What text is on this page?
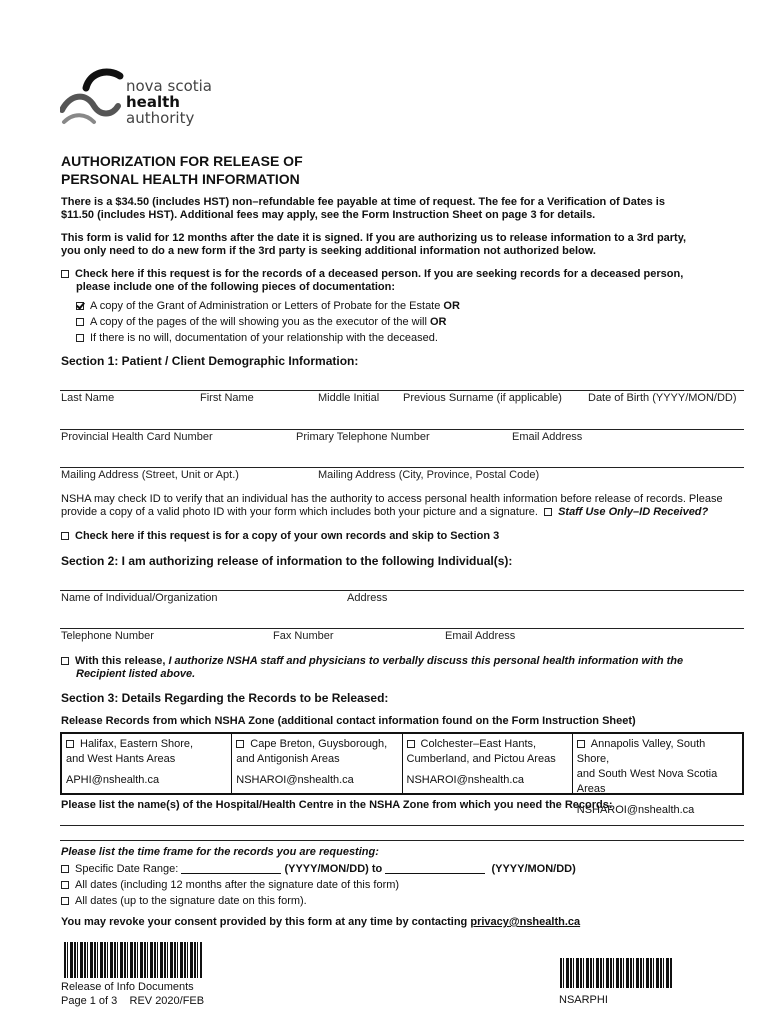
nova scotia
health authority
AUTHORIZATION FOR RELEASE OF
PERSONAL HEALTH INFORMATION
There is a $34.50 (includes HST) non–refundable fee payable at time of request. The fee for a Verification of Dates is
$11.50 (includes HST). Additional fees may apply, see the Form Instruction Sheet on page 3 for details.
This form is valid for 12 months after the date it is signed. If you are authorizing us to release information to a 3rd party,
you only need to do a new form if the 3rd party is seeking additional information not authorized below.
Check here if this request is for the records of a deceased person. If you are seeking records for a deceased person,
please include one of the following pieces of documentation:
A copy of the Grant of Administration or Letters of Probate for the Estate OR
A copy of the pages of the will showing you as the executor of the will OR
If there is no will, documentation of your relationship with the deceased.
Section 1: Patient / Client Demographic Information:
Last Name	First Name	Middle Initial Previous Surname (if applicable) Date of Birth (YYYY/MON/DD)
Provincial Health Card Number	Primary Telephone Number	Email Address
Mailing Address (Street, Unit or Apt.)	Mailing Address (City, Province, Postal Code)
NSHA may check ID to verify that an individual has the authority to access personal health information before release of records. Please
provide a copy of a valid photo ID with your form which includes both your picture and a signature. Staff Use Only–ID Received?
Check here if this request is for a copy of your own records and skip to Section 3
Section 2: I am authorizing release of information to the following Individual(s):
Name of Individual/Organization	Address
Telephone Number	Fax Number	Email Address
With this release, I authorize NSHA staff and physicians to verbally discuss this personal health information with the
Recipient listed above.
Section 3: Details Regarding the Records to be Released:
Release Records from which NSHA Zone (additional contact information found on the Form Instruction Sheet)
Halifax, Eastern Shore,
and West Hants Areas
APHI@nshealth.ca
Cape Breton, Guysborough,
and Antigonish Areas
NSHAROI@nshealth.ca
Colchester–East Hants,
Cumberland, and Pictou Areas
NSHAROI@nshealth.ca
Annapolis Valley, South Shore,
and South West Nova Scotia Areas
NSHAROI@nshealth.ca
Please list the name(s) of the Hospital/Health Centre in the NSHA Zone from which you need the Records:
Please list the time frame for the records you are requesting:
Specific Date Range:	(YYYY/MON/DD) to	(YYYY/MON/DD)
All dates (including 12 months after the signature date of this form)
All dates (up to the signature date on this form).
You may revoke your consent provided by this form at any time by contacting privacy@nshealth.ca
Release of Info Documents
Page 1 of 3 REV 2020/FEB	NSARPHI
